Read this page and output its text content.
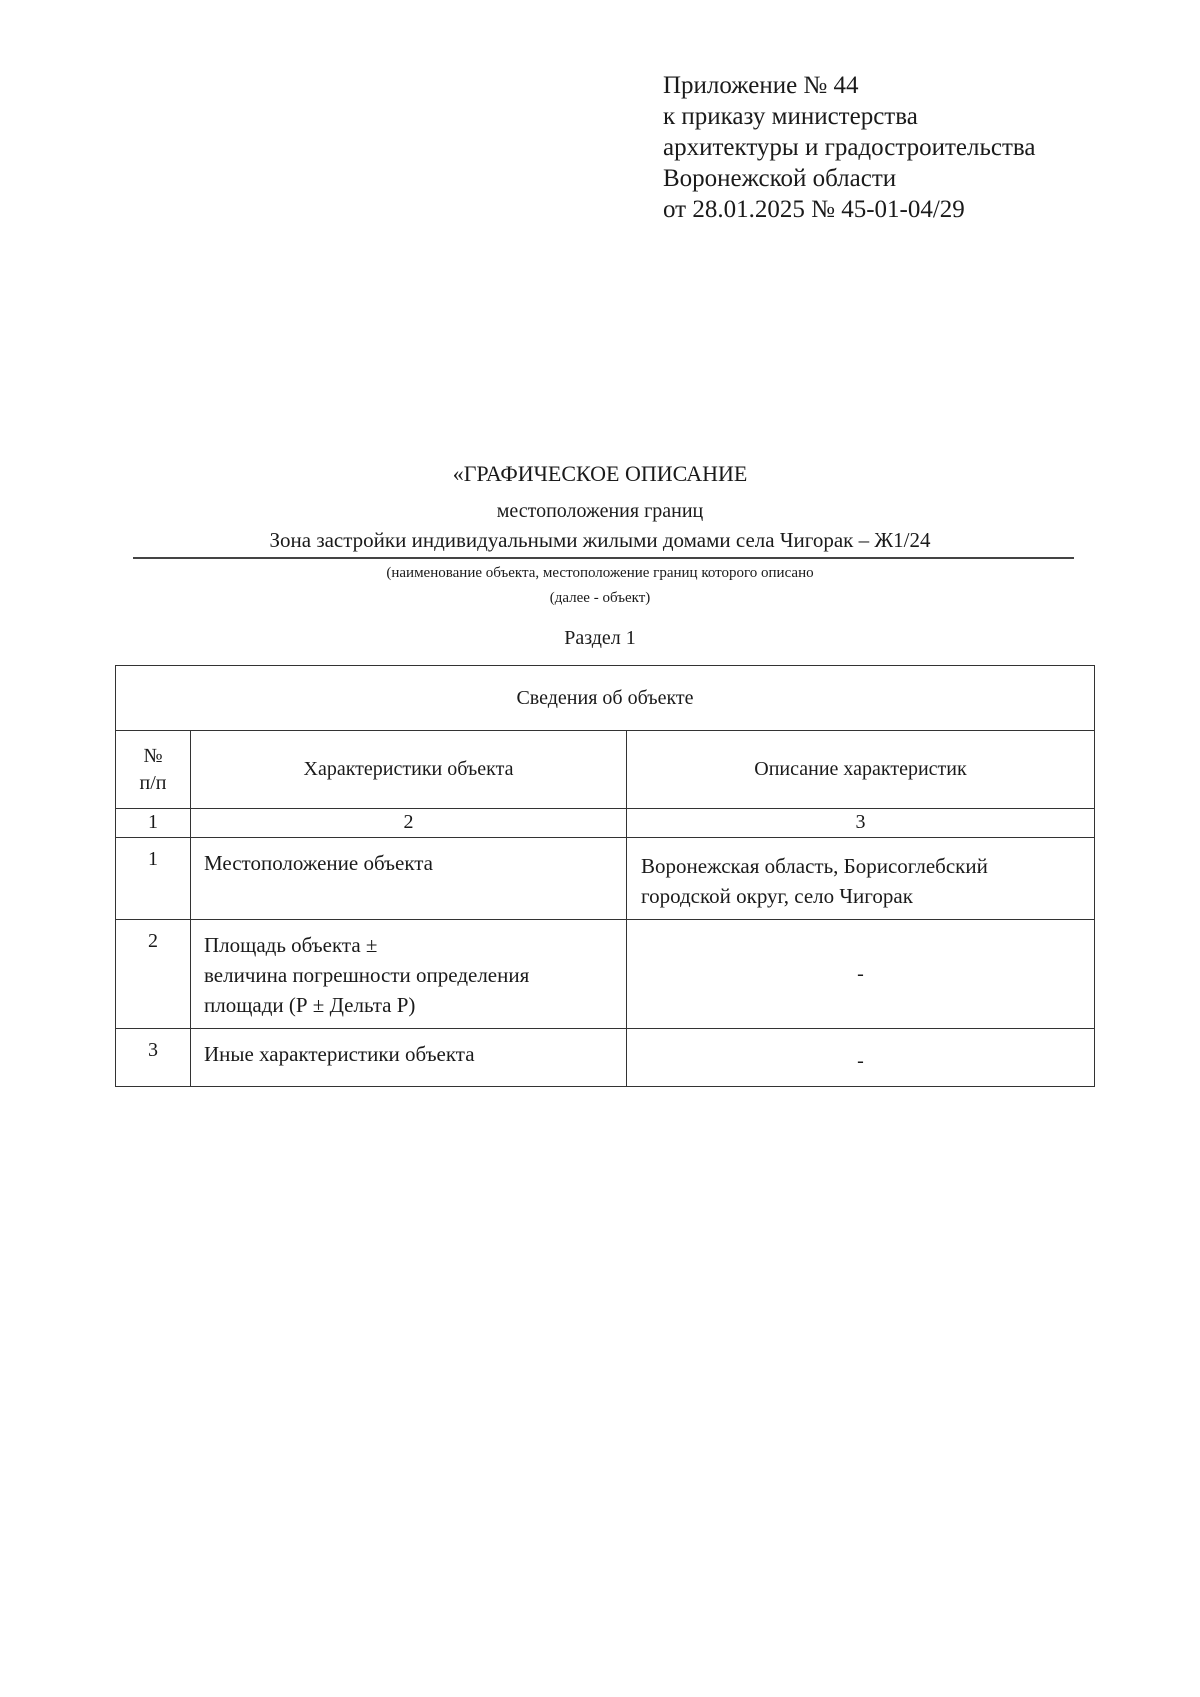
Приложение № 44
к приказу министерства
архитектуры и градостроительства
Воронежской области
от 28.01.2025 № 45-01-04/29
«ГРАФИЧЕСКОЕ ОПИСАНИЕ
местоположения границ
Зона застройки индивидуальными жилыми домами села Чигорак – Ж1/24
(наименование объекта, местоположение границ которого описано
(далее - объект)
Раздел 1
Сведения об объекте		
№
п/п	Характеристики объекта	Описание характеристик
1	2	3
1	Местоположение объекта	Воронежская область, Борисоглебский
городской округ, село Чигорак

2	Площадь объекта ±
величина погрешности определения
площади (Р ± Дельта Р)	-
3	Иные характеристики объекта	-
